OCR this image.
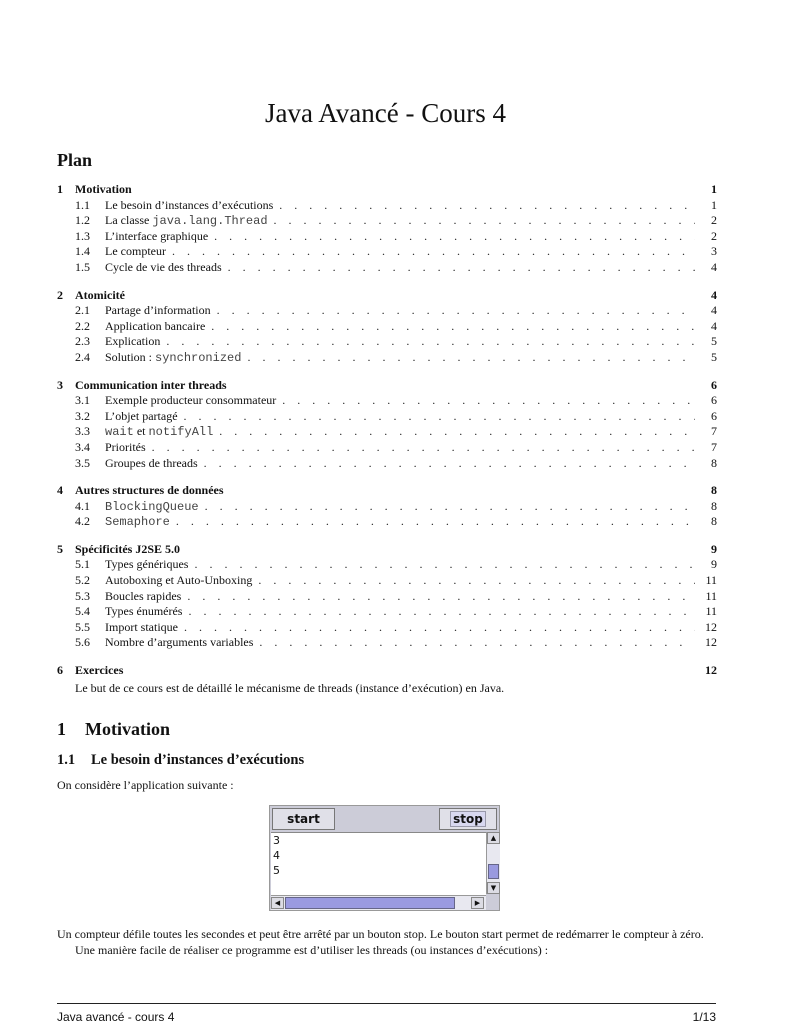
Java Avancé - Cours 4
Plan
1	Motivation	1
1.1	Le besoin d’instances d’exécutions . . .	1
1.2	La classe java.lang.Thread . . .	2
1.3	L’interface graphique . . .	2
1.4	Le compteur . . .	3
1.5	Cycle de vie des threads . . .	4
2	Atomicité	4
2.1	Partage d’information . . .	4
2.2	Application bancaire . . .	4
2.3	Explication . . .	5
2.4	Solution : synchronized . . .	5
3	Communication inter threads	6
3.1	Exemple producteur consommateur . . .	6
3.2	L’objet partagé . . .	6
3.3	wait et notifyAll . . .	7
3.4	Priorités . . .	7
3.5	Groupes de threads . . .	8
4	Autres structures de données	8
4.1	BlockingQueue . . .	8
4.2	Semaphore . . .	8
5	Spécificités J2SE 5.0	9
5.1	Types génériques . . .	9
5.2	Autoboxing et Auto-Unboxing . . .	11
5.3	Boucles rapides . . .	11
5.4	Types énumérés . . .	11
5.5	Import statique . . .	12
5.6	Nombre d’arguments variables . . .	12
6	Exercices	12
Le but de ce cours est de détaillé le mécanisme de threads (instance d’exécution) en Java.
1 Motivation
1.1 Le besoin d’instances d’exécutions
On considère l’application suivante :
start	stop
3
4
5
▲
▼
◀	▶
Un compteur défile toutes les secondes et peut être arrêté par un bouton stop. Le bouton start permet de redémarrer le compteur à zéro.
Une manière facile de réaliser ce programme est d’utiliser les threads (ou instances d’exécutions) :
Java avancé - cours 4	1/13
